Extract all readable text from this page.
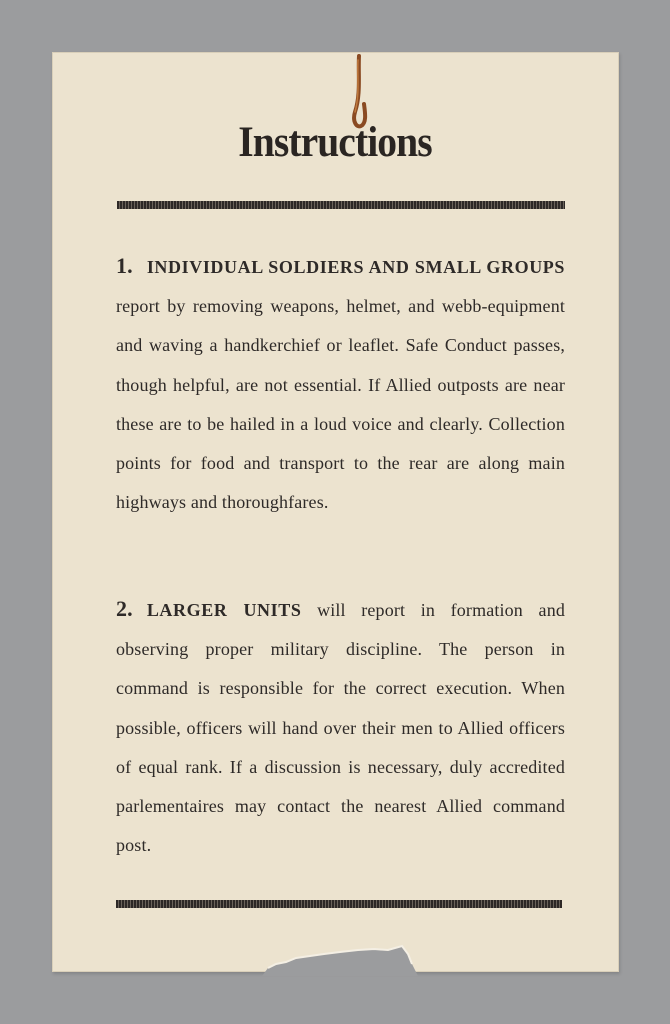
Instructions
1. INDIVIDUAL SOLDIERS AND SMALL GROUPS report by removing weapons, helmet, and webb-equipment and waving a handkerchief or leaflet. Safe Conduct passes, though helpful, are not essential. If Allied outposts are near these are to be hailed in a loud voice and clearly. Collection points for food and transport to the rear are along main highways and thoroughfares.
2. LARGER UNITS will report in formation and observing proper military discipline. The person in command is responsible for the correct execution. When possible, officers will hand over their men to Allied officers of equal rank. If a discussion is necessary, duly accredited parlementaires may contact the nearest Allied command post.
